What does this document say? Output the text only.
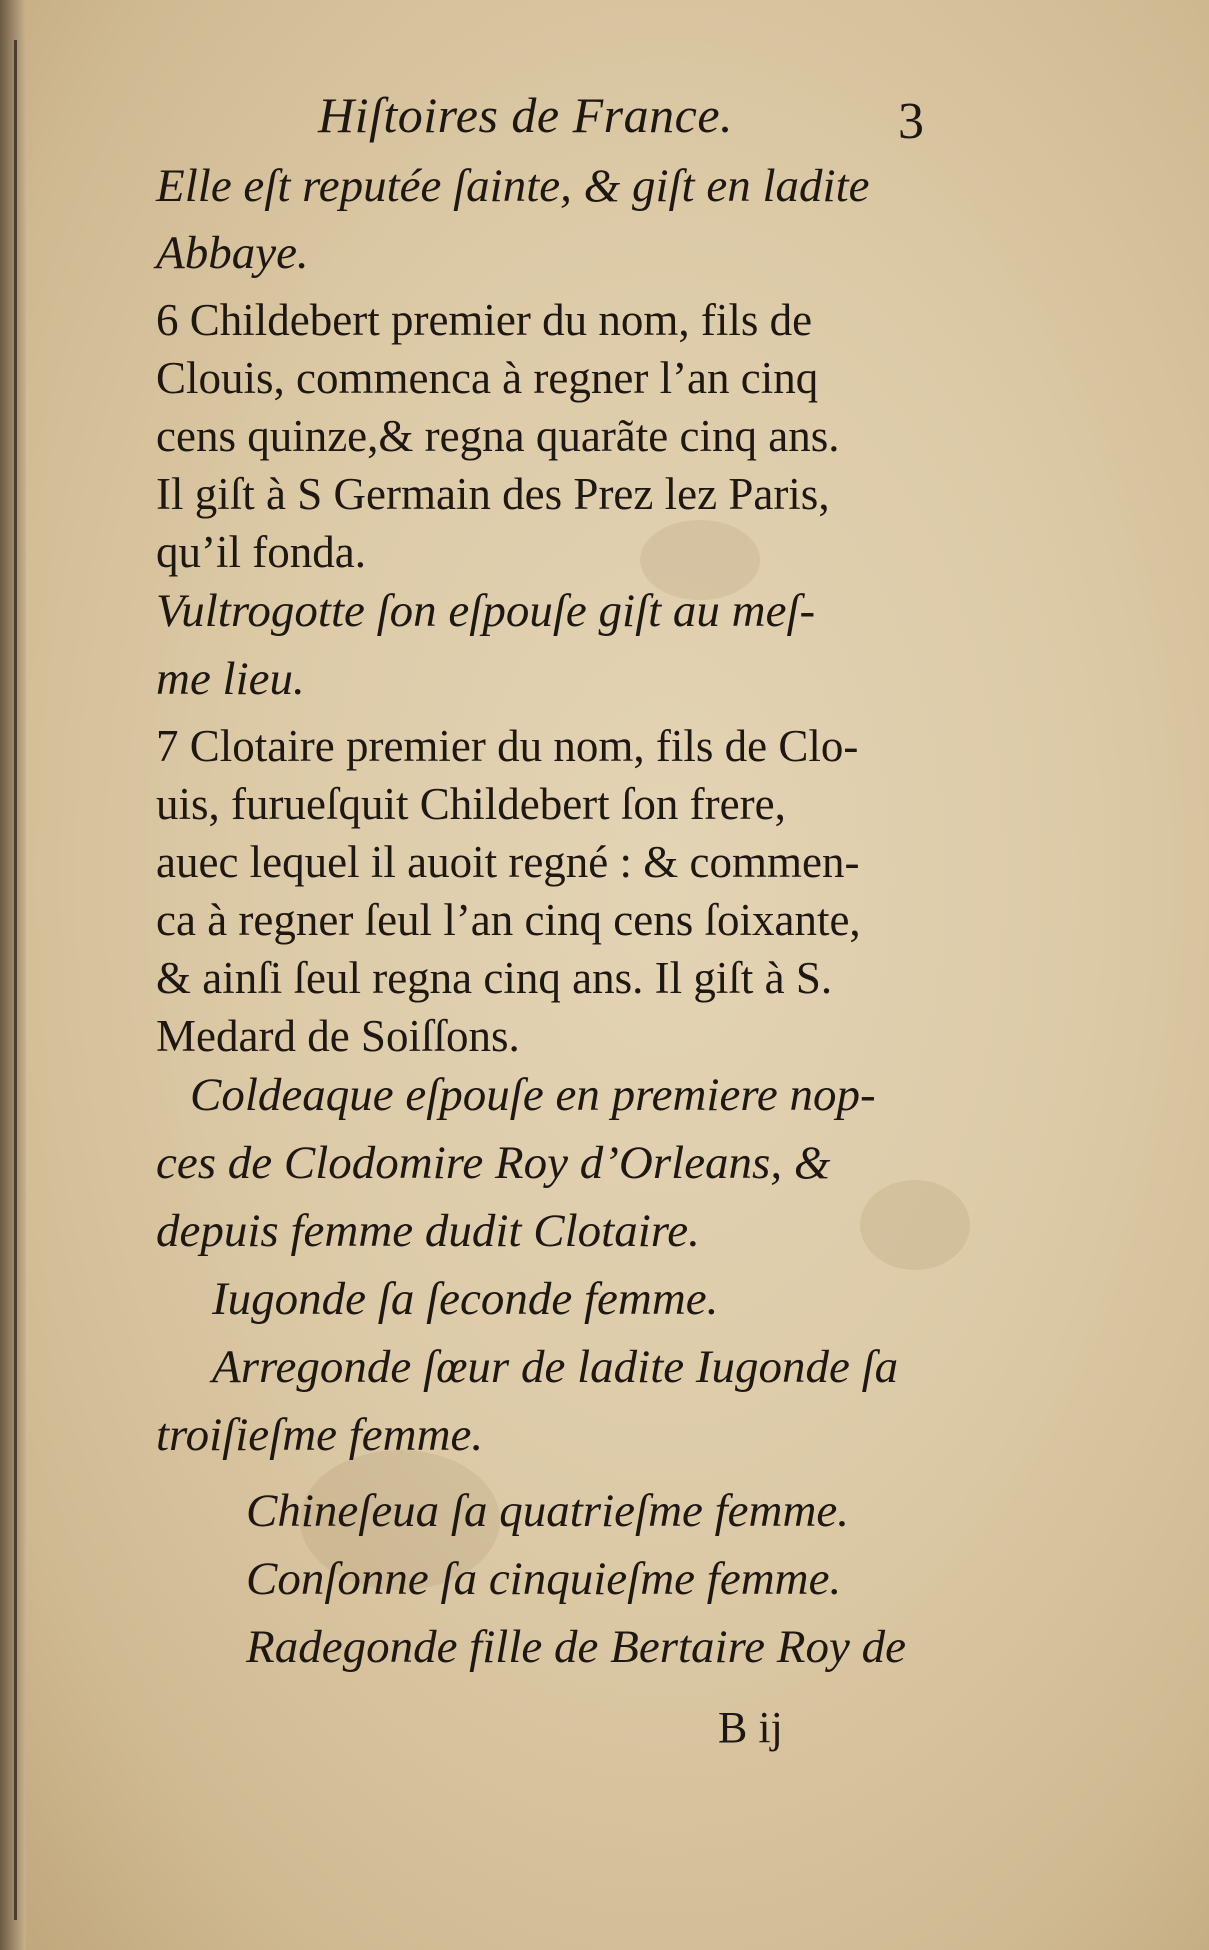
Hiſtoires de France.	3
Elle eſt reputée ſainte, & giſt en ladite
Abbaye.
6 Childebert premier du nom, fils de
Clouis, commenca à regner l’an cinq
cens quinze,& regna quarãte cinq ans.
Il giſt à S Germain des Prez lez Paris,
qu’il fonda.
Vultrogotte ſon eſpouſe giſt au meſ-
me lieu.
7 Clotaire premier du nom, fils de Clo-
uis, furueſquit Childebert ſon frere,
auec lequel il auoit regné : & commen-
ca à regner ſeul l’an cinq cens ſoixante,
& ainſi ſeul regna cinq ans. Il giſt à S.
Medard de Soiſſons.
Coldeaque eſpouſe en premiere nop-
ces de Clodomire Roy d’Orleans, &
depuis femme dudit Clotaire.
Iugonde ſa ſeconde femme.
Arregonde ſœur de ladite Iugonde ſa
troiſieſme femme.
Chineſeua ſa quatrieſme femme.
Conſonne ſa cinquieſme femme.
Radegonde fille de Bertaire Roy de
B ij
